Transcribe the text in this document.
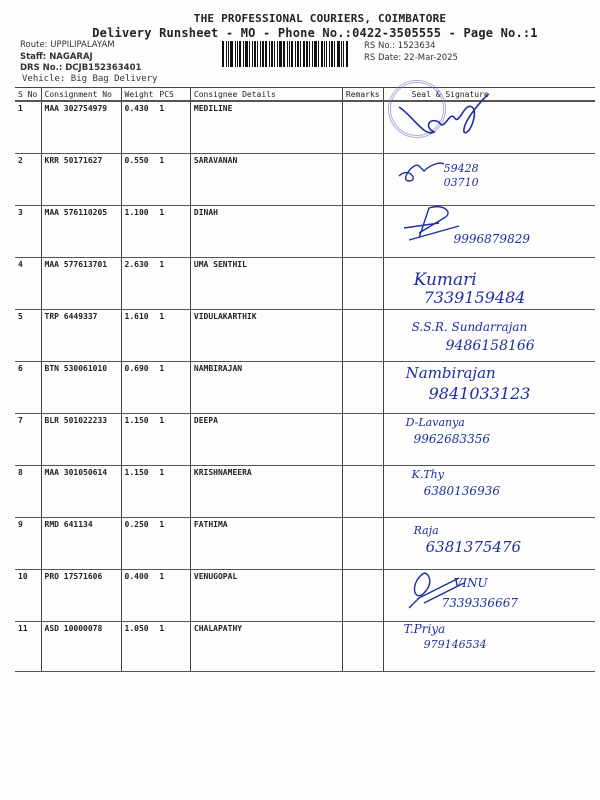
THE PROFESSIONAL COURIERS, COIMBATORE
Delivery Runsheet - MO - Phone No.:0422-3505555 - Page No.:1
Route: UPPILIPALAYAM
Staff: NAGARAJ
DRS No.: DCJB152363401
Vehicle: Big Bag Delivery
RS No.: 1523634
RS Date: 22-Mar-2025
S No	Consignment No	Weight	PCS	Consignee Details	Remarks	Seal & Signature
1	MAA 302754979	0.430	1	MEDILINE		

2	KRR 50171627	0.550	1	SARAVANAN		59428
03710

3	MAA 576110205	1.100	1	DINAH		9996879829

4	MAA 577613701	2.630	1	UMA SENTHIL		Kumari
7339159484

5	TRP 6449337	1.610	1	VIDULAKARTHIK		S.S.R. Sundarrajan
9486158166

6	BTN 530061010	0.690	1	NAMBIRAJAN		Nambirajan
9841033123

7	BLR 501022233	1.150	1	DEEPA		D-Lavanya
9962683356

8	MAA 301050614	1.150	1	KRISHNAMEERA		K.Thy
6380136936

9	RMD 641134	0.250	1	FATHIMA		Raja
6381375476

10	PRO 17571606	0.400	1	VENUGOPAL		VINU
7339336667

11	ASD 10000078	1.050	1	CHALAPATHY		T.Priya
979146534
